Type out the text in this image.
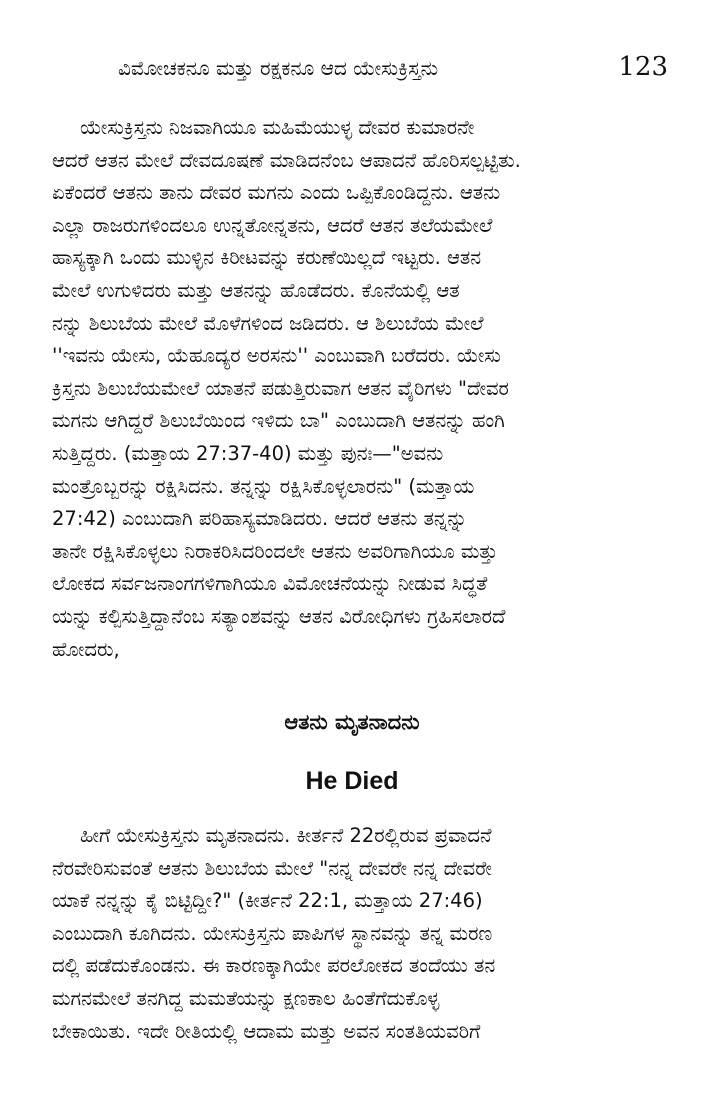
ವಿಮೋಚಕನೂ ಮತ್ತು ರಕ್ಷಕನೂ ಆದ ಯೇಸುಕ್ರಿಸ್ತನು	123
ಯೇಸುಕ್ರಿಸ್ತನು ನಿಜವಾಗಿಯೂ ಮಹಿಮೆಯುಳ್ಳ ದೇವರ ಕುಮಾರನೇ
ಆದರೆ ಆತನ ಮೇಲೆ ದೇವದೂಷಣೆ ಮಾಡಿದನೆಂಬ ಆಪಾದನೆ ಹೊರಿಸಲ್ಪಟ್ಟಿತು.
ಏಕೆಂದರೆ ಆತನು ತಾನು ದೇವರ ಮಗನು ಎಂದು ಒಪ್ಪಿಕೊಂಡಿದ್ದನು. ಆತನು
ಎಲ್ಲಾ ರಾಜರುಗಳಿಂದಲೂ ಉನ್ನತೋನ್ನತನು, ಆದರೆ ಆತನ ತಲೆಯಮೇಲೆ
ಹಾಸ್ಯಕ್ಕಾಗಿ ಒಂದು ಮುಳ್ಳಿನ ಕಿರೀಟವನ್ನು ಕರುಣೆಯಿಲ್ಲದೆ ಇಟ್ಟರು. ಆತನ
ಮೇಲೆ ಉಗುಳಿದರು ಮತ್ತು ಆತನನ್ನು ಹೊಡೆದರು. ಕೊನೆಯಲ್ಲಿ ಆತ
ನನ್ನು ಶಿಲುಬೆಯ ಮೇಲೆ ಮೊಳೆಗಳಿಂದ ಜಡಿದರು. ಆ ಶಿಲುಬೆಯ ಮೇಲೆ
''ಇವನು ಯೇಸು, ಯೆಹೂದ್ಯರ ಅರಸನು'' ಎಂಬುವಾಗಿ ಬರೆದರು. ಯೇಸು
ಕ್ರಿಸ್ತನು ಶಿಲುಬೆಯಮೇಲೆ ಯಾತನೆ ಪಡುತ್ತಿರುವಾಗ ಆತನ ವೈರಿಗಳು "ದೇವರ
ಮಗನು ಆಗಿದ್ದರೆ ಶಿಲುಬೆಯಿಂದ ಇಳಿದು ಬಾ" ಎಂಬುದಾಗಿ ಆತನನ್ನು ಹಂಗಿ
ಸುತ್ತಿದ್ದರು. (ಮತ್ತಾಯ 27:37-40) ಮತ್ತು ಪುನಃ—"ಅವನು
ಮಂತ್ರೊಬ್ಬರನ್ನು ರಕ್ಷಿಸಿದನು. ತನ್ನನ್ನು ರಕ್ಷಿಸಿಕೊಳ್ಳಲಾರನು" (ಮತ್ತಾಯ
27:42) ಎಂಬುದಾಗಿ ಪರಿಹಾಸ್ಯಮಾಡಿದರು. ಆದರೆ ಆತನು ತನ್ನನ್ನು
ತಾನೇ ರಕ್ಷಿಸಿಕೊಳ್ಳಲು ನಿರಾಕರಿಸಿದರಿಂದಲೇ ಆತನು ಅವರಿಗಾಗಿಯೂ ಮತ್ತು
ಲೋಕದ ಸರ್ವಜನಾಂಗಗಳಿಗಾಗಿಯೂ ವಿಮೋಚನೆಯನ್ನು ನೀಡುವ ಸಿದ್ಧತೆ
ಯನ್ನು ಕಲ್ಪಿಸುತ್ತಿದ್ದಾನೆಂಬ ಸತ್ಯಾಂಶವನ್ನು ಆತನ ವಿರೋಧಿಗಳು ಗ್ರಹಿಸಲಾರದೆ
ಹೋದರು,
ಆತನು ಮೃತನಾದನು
He Died
ಹೀಗೆ ಯೇಸುಕ್ರಿಸ್ತನು ಮೃತನಾದನು. ಕೀರ್ತನೆ 22ರಲ್ಲಿರುವ ಪ್ರವಾದನೆ
ನೆರವೇರಿಸುವಂತೆ ಆತನು ಶಿಲುಬೆಯ ಮೇಲೆ "ನನ್ನ ದೇವರೇ ನನ್ನ ದೇವರೇ
ಯಾಕೆ ನನ್ನನ್ನು ಕೈ ಬಿಟ್ಟಿದ್ದೀ?" (ಕೀರ್ತನೆ 22:1, ಮತ್ತಾಯ 27:46)
ಎಂಬುದಾಗಿ ಕೂಗಿದನು. ಯೇಸುಕ್ರಿಸ್ತನು ಪಾಪಿಗಳ ಸ್ಥಾನವನ್ನು ತನ್ನ ಮರಣ
ದಲ್ಲಿ ಪಡೆದುಕೊಂಡನು. ಈ ಕಾರಣಕ್ಕಾಗಿಯೇ ಪರಲೋಕದ ತಂದೆಯು ತನ
ಮಗನಮೇಲೆ ತನಗಿದ್ದ ಮಮತೆಯನ್ನು ಕ್ಷಣಕಾಲ ಹಿಂತೆಗೆದುಕೊಳ್ಳ
ಬೇಕಾಯಿತು. ಇದೇ ರೀತಿಯಲ್ಲಿ ಆದಾಮ ಮತ್ತು ಅವನ ಸಂತತಿಯವರಿಗೆ
